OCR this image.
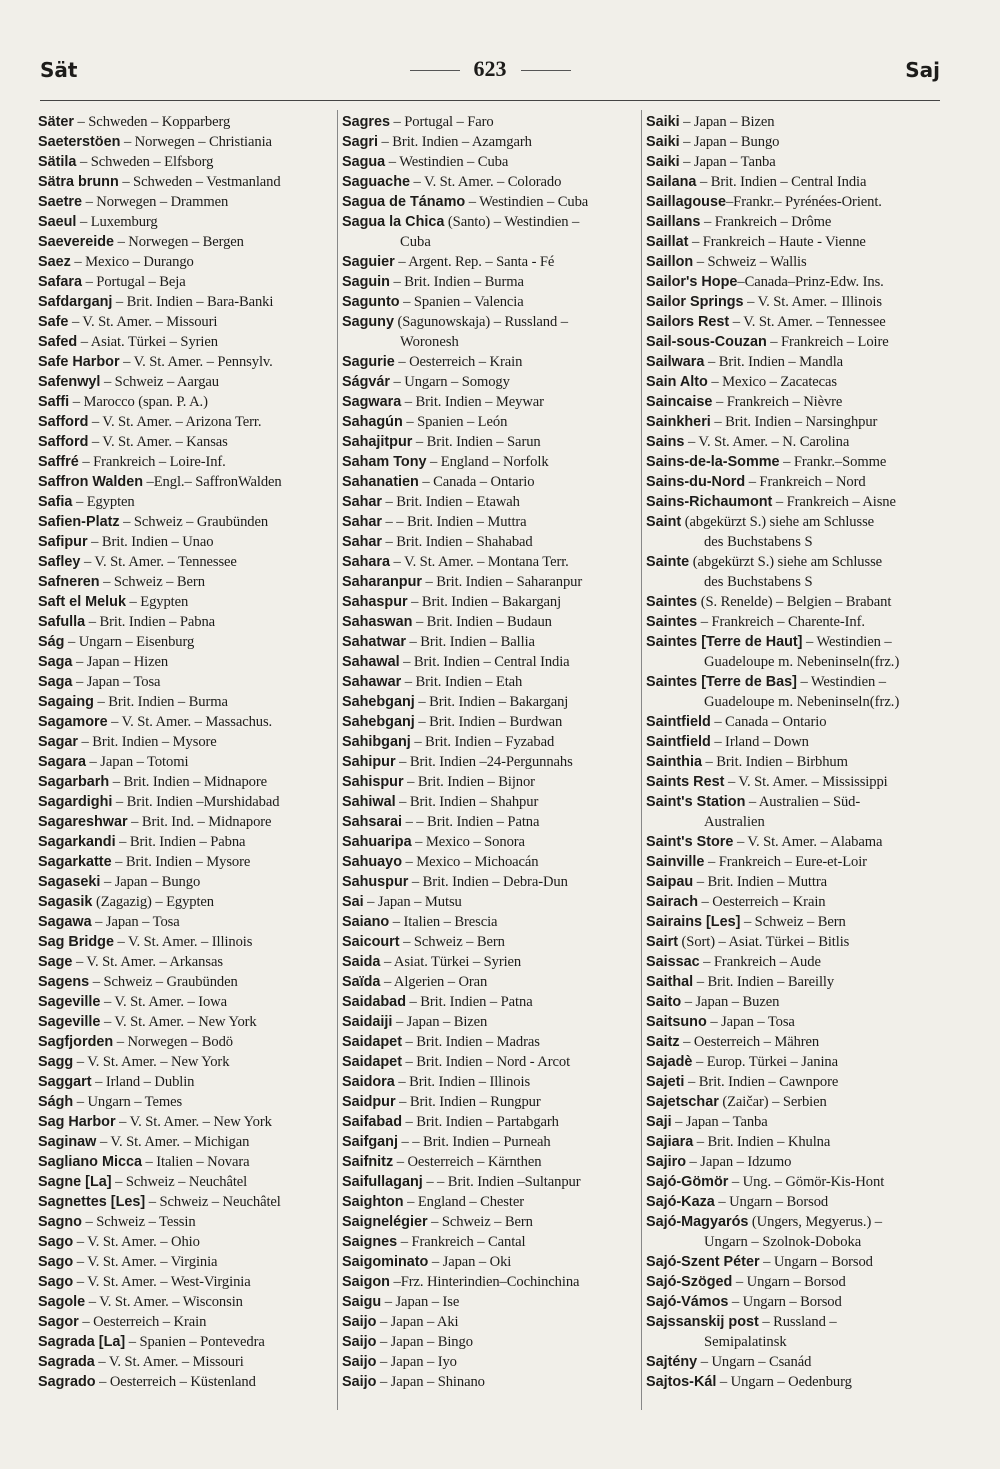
Sät	623	Saj
Säter – Schweden – Kopparberg
Saeterstöen – Norwegen – Christiania
Sätila – Schweden – Elfsborg
Sätra brunn – Schweden – Vestmanland
Saetre – Norwegen – Drammen
Saeul – Luxemburg
Saevereide – Norwegen – Bergen
Saez – Mexico – Durango
Safara – Portugal – Beja
Safdarganj – Brit. Indien – Bara-Banki
Safe – V. St. Amer. – Missouri
Safed – Asiat. Türkei – Syrien
Safe Harbor – V. St. Amer. – Pennsylv.
Safenwyl – Schweiz – Aargau
Saffi – Marocco (span. P. A.)
Safford – V. St. Amer. – Arizona Terr.
Safford – V. St. Amer. – Kansas
Saffré – Frankreich – Loire-Inf.
Saffron Walden –Engl.– SaffronWalden
Safia – Egypten
Safien-Platz – Schweiz – Graubünden
Safipur – Brit. Indien – Unao
Safley – V. St. Amer. – Tennessee
Safneren – Schweiz – Bern
Saft el Meluk – Egypten
Safulla – Brit. Indien – Pabna
Ság – Ungarn – Eisenburg
Saga – Japan – Hizen
Saga – Japan – Tosa
Sagaing – Brit. Indien – Burma
Sagamore – V. St. Amer. – Massachus.
Sagar – Brit. Indien – Mysore
Sagara – Japan – Totomi
Sagarbarh – Brit. Indien – Midnapore
Sagardighi – Brit. Indien –Murshidabad
Sagareshwar – Brit. Ind. – Midnapore
Sagarkandi – Brit. Indien – Pabna
Sagarkatte – Brit. Indien – Mysore
Sagaseki – Japan – Bungo
Sagasik (Zagazig) – Egypten
Sagawa – Japan – Tosa
Sag Bridge – V. St. Amer. – Illinois
Sage – V. St. Amer. – Arkansas
Sagens – Schweiz – Graubünden
Sageville – V. St. Amer. – Iowa
Sageville – V. St. Amer. – New York
Sagfjorden – Norwegen – Bodö
Sagg – V. St. Amer. – New York
Saggart – Irland – Dublin
Ságh – Ungarn – Temes
Sag Harbor – V. St. Amer. – New York
Saginaw – V. St. Amer. – Michigan
Sagliano Micca – Italien – Novara
Sagne [La] – Schweiz – Neuchâtel
Sagnettes [Les] – Schweiz – Neuchâtel
Sagno – Schweiz – Tessin
Sago – V. St. Amer. – Ohio
Sago – V. St. Amer. – Virginia
Sago – V. St. Amer. – West-Virginia
Sagole – V. St. Amer. – Wisconsin
Sagor – Oesterreich – Krain
Sagrada [La] – Spanien – Pontevedra
Sagrada – V. St. Amer. – Missouri
Sagrado – Oesterreich – Küstenland
Sagres – Portugal – Faro
Sagri – Brit. Indien – Azamgarh
Sagua – Westindien – Cuba
Saguache – V. St. Amer. – Colorado
Sagua de Tánamo – Westindien – Cuba
Sagua la Chica (Santo) – Westindien –
Cuba
Saguier – Argent. Rep. – Santa - Fé
Saguin – Brit. Indien – Burma
Sagunto – Spanien – Valencia
Saguny (Sagunowskaja) – Russland –
Woronesh
Sagurie – Oesterreich – Krain
Ságvár – Ungarn – Somogy
Sagwara – Brit. Indien – Meywar
Sahagún – Spanien – León
Sahajitpur – Brit. Indien – Sarun
Saham Tony – England – Norfolk
Sahanatien – Canada – Ontario
Sahar – Brit. Indien – Etawah
Sahar – – Brit. Indien – Muttra
Sahar – Brit. Indien – Shahabad
Sahara – V. St. Amer. – Montana Terr.
Saharanpur – Brit. Indien – Saharanpur
Sahaspur – Brit. Indien – Bakarganj
Sahaswan – Brit. Indien – Budaun
Sahatwar – Brit. Indien – Ballia
Sahawal – Brit. Indien – Central India
Sahawar – Brit. Indien – Etah
Sahebganj – Brit. Indien – Bakarganj
Sahebganj – Brit. Indien – Burdwan
Sahibganj – Brit. Indien – Fyzabad
Sahipur – Brit. Indien –24-Pergunnahs
Sahispur – Brit. Indien – Bijnor
Sahiwal – Brit. Indien – Shahpur
Sahsarai – – Brit. Indien – Patna
Sahuaripa – Mexico – Sonora
Sahuayo – Mexico – Michoacán
Sahuspur – Brit. Indien – Debra-Dun
Sai – Japan – Mutsu
Saiano – Italien – Brescia
Saicourt – Schweiz – Bern
Saida – Asiat. Türkei – Syrien
Saïda – Algerien – Oran
Saidabad – Brit. Indien – Patna
Saidaiji – Japan – Bizen
Saidapet – Brit. Indien – Madras
Saidapet – Brit. Indien – Nord - Arcot
Saidora – Brit. Indien – Illinois
Saidpur – Brit. Indien – Rungpur
Saifabad – Brit. Indien – Partabgarh
Saifganj – – Brit. Indien – Purneah
Saifnitz – Oesterreich – Kärnthen
Saifullaganj – – Brit. Indien –Sultanpur
Saighton – England – Chester
Saignelégier – Schweiz – Bern
Saignes – Frankreich – Cantal
Saigominato – Japan – Oki
Saigon –Frz. Hinterindien–Cochinchina
Saigu – Japan – Ise
Saijo – Japan – Aki
Saijo – Japan – Bingo
Saijo – Japan – Iyo
Saijo – Japan – Shinano
Saiki – Japan – Bizen
Saiki – Japan – Bungo
Saiki – Japan – Tanba
Sailana – Brit. Indien – Central India
Saillagouse–Frankr.– Pyrénées-Orient.
Saillans – Frankreich – Drôme
Saillat – Frankreich – Haute - Vienne
Saillon – Schweiz – Wallis
Sailor's Hope–Canada–Prinz-Edw. Ins.
Sailor Springs – V. St. Amer. – Illinois
Sailors Rest – V. St. Amer. – Tennessee
Sail-sous-Couzan – Frankreich – Loire
Sailwara – Brit. Indien – Mandla
Sain Alto – Mexico – Zacatecas
Saincaise – Frankreich – Nièvre
Sainkheri – Brit. Indien – Narsinghpur
Sains – V. St. Amer. – N. Carolina
Sains-de-la-Somme – Frankr.–Somme
Sains-du-Nord – Frankreich – Nord
Sains-Richaumont – Frankreich – Aisne
Saint (abgekürzt S.) siehe am Schlusse
des Buchstabens S
Sainte (abgekürzt S.) siehe am Schlusse
des Buchstabens S
Saintes (S. Renelde) – Belgien – Brabant
Saintes – Frankreich – Charente-Inf.
Saintes [Terre de Haut] – Westindien –
Guadeloupe m. Nebeninseln(frz.)
Saintes [Terre de Bas] – Westindien –
Guadeloupe m. Nebeninseln(frz.)
Saintfield – Canada – Ontario
Saintfield – Irland – Down
Sainthia – Brit. Indien – Birbhum
Saints Rest – V. St. Amer. – Mississippi
Saint's Station – Australien – Süd-
Australien
Saint's Store – V. St. Amer. – Alabama
Sainville – Frankreich – Eure-et-Loir
Saipau – Brit. Indien – Muttra
Sairach – Oesterreich – Krain
Sairains [Les] – Schweiz – Bern
Sairt (Sort) – Asiat. Türkei – Bitlis
Saissac – Frankreich – Aude
Saithal – Brit. Indien – Bareilly
Saito – Japan – Buzen
Saitsuno – Japan – Tosa
Saitz – Oesterreich – Mähren
Sajadè – Europ. Türkei – Janina
Sajeti – Brit. Indien – Cawnpore
Sajetschar (Zaičar) – Serbien
Saji – Japan – Tanba
Sajiara – Brit. Indien – Khulna
Sajiro – Japan – Idzumo
Sajó-Gömör – Ung. – Gömör-Kis-Hont
Sajó-Kaza – Ungarn – Borsod
Sajó-Magyarós (Ungers, Megyerus.) –
Ungarn – Szolnok-Doboka
Sajó-Szent Péter – Ungarn – Borsod
Sajó-Szöged – Ungarn – Borsod
Sajó-Vámos – Ungarn – Borsod
Sajssanskij post – Russland –
Semipalatinsk
Sajtény – Ungarn – Csanád
Sajtos-Kál – Ungarn – Oedenburg
